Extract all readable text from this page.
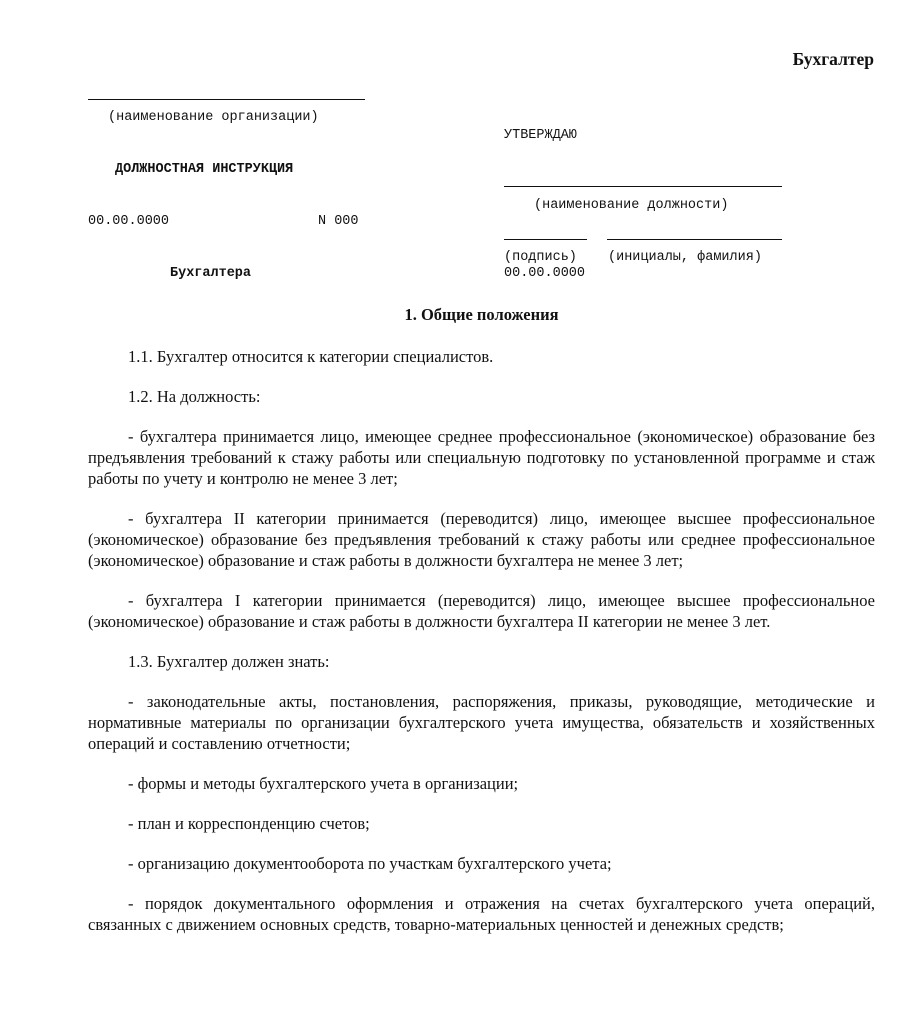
Бухгалтер
(наименование организации)
ДОЛЖНОСТНАЯ ИНСТРУКЦИЯ
00.00.0000	N 000
Бухгалтера
УТВЕРЖДАЮ
(наименование должности)
(подпись) (инициалы, фамилия)
00.00.0000
1. Общие положения

1.1. Бухгалтер относится к категории специалистов.

1.2. На должность:

- бухгалтера принимается лицо, имеющее среднее профессиональное (экономическое) образование без предъявления требований к стажу работы или специальную подготовку по установленной программе и стаж работы по учету и контролю не менее 3 лет;

- бухгалтера II категории принимается (переводится) лицо, имеющее высшее профессиональное (экономическое) образование без предъявления требований к стажу работы или среднее профессиональное (экономическое) образование и стаж работы в должности бухгалтера не менее 3 лет;

- бухгалтера I категории принимается (переводится) лицо, имеющее высшее профессиональное (экономическое) образование и стаж работы в должности бухгалтера II категории не менее 3 лет.

1.3. Бухгалтер должен знать:

- законодательные акты, постановления, распоряжения, приказы, руководящие, методические и нормативные материалы по организации бухгалтерского учета имущества, обязательств и хозяйственных операций и составлению отчетности;

- формы и методы бухгалтерского учета в организации;

- план и корреспонденцию счетов;

- организацию документооборота по участкам бухгалтерского учета;

- порядок документального оформления и отражения на счетах бухгалтерского учета операций, связанных с движением основных средств, товарно-материальных ценностей и денежных средств;
